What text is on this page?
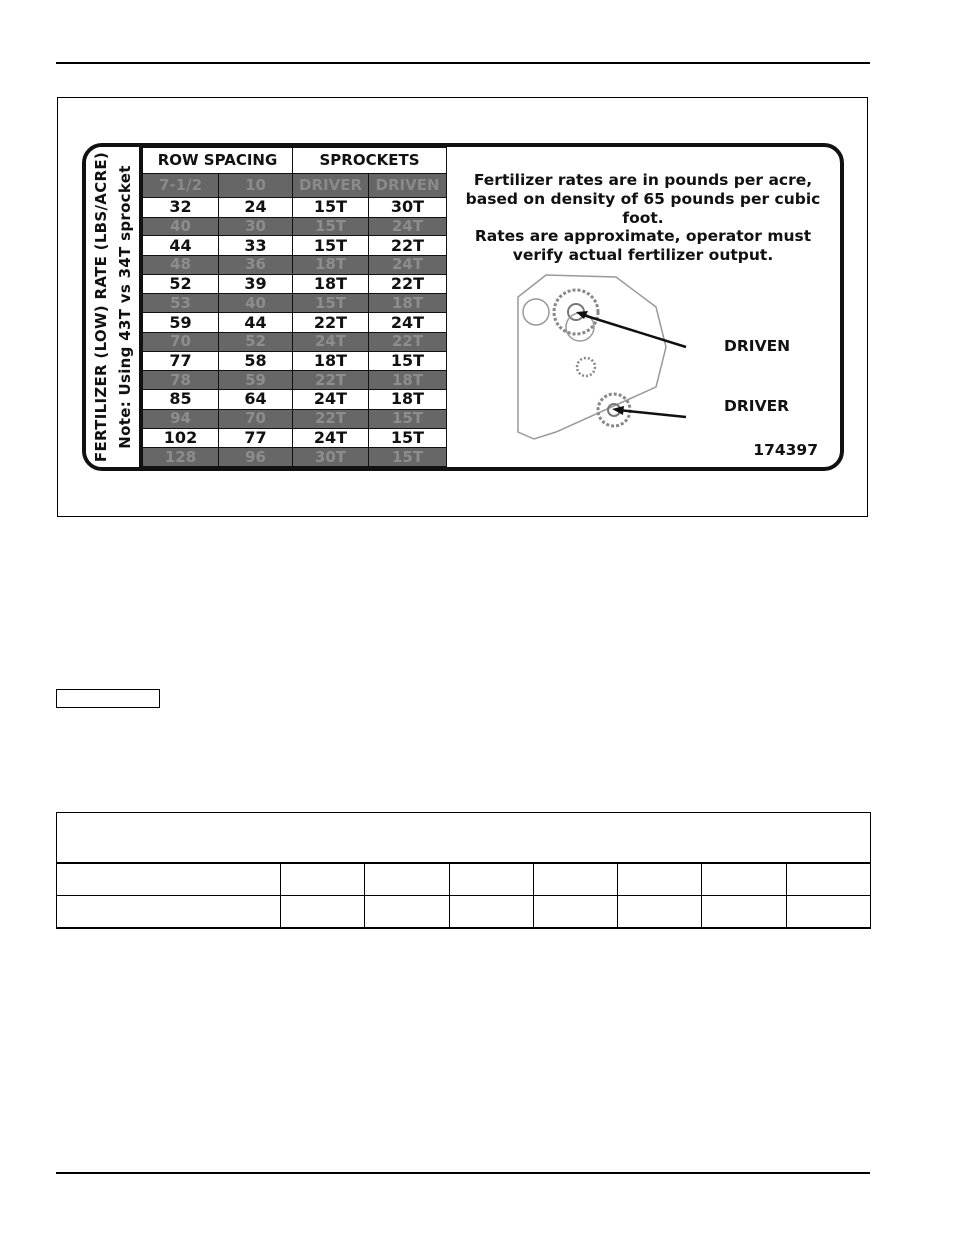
FERTILIZER (LOW) RATE (LBS/ACRE) Note: Using 43T vs 34T sprocket
ROW SPACING		SPROCKETS	
7-1/2	10	DRIVER	DRIVEN
32	24	15T	30T
40	30	15T	24T
44	33	15T	22T
48	36	18T	24T
52	39	18T	22T
53	40	15T	18T
59	44	22T	24T
70	52	24T	22T
77	58	18T	15T
78	59	22T	18T
85	64	24T	18T
94	70	22T	15T
102	77	24T	15T
128	96	30T	15T
Fertilizer rates are in pounds per acre,
based on density of 65 pounds per cubic foot.
Rates are approximate, operator must
verify actual fertilizer output.
DRIVEN
DRIVER
174397
